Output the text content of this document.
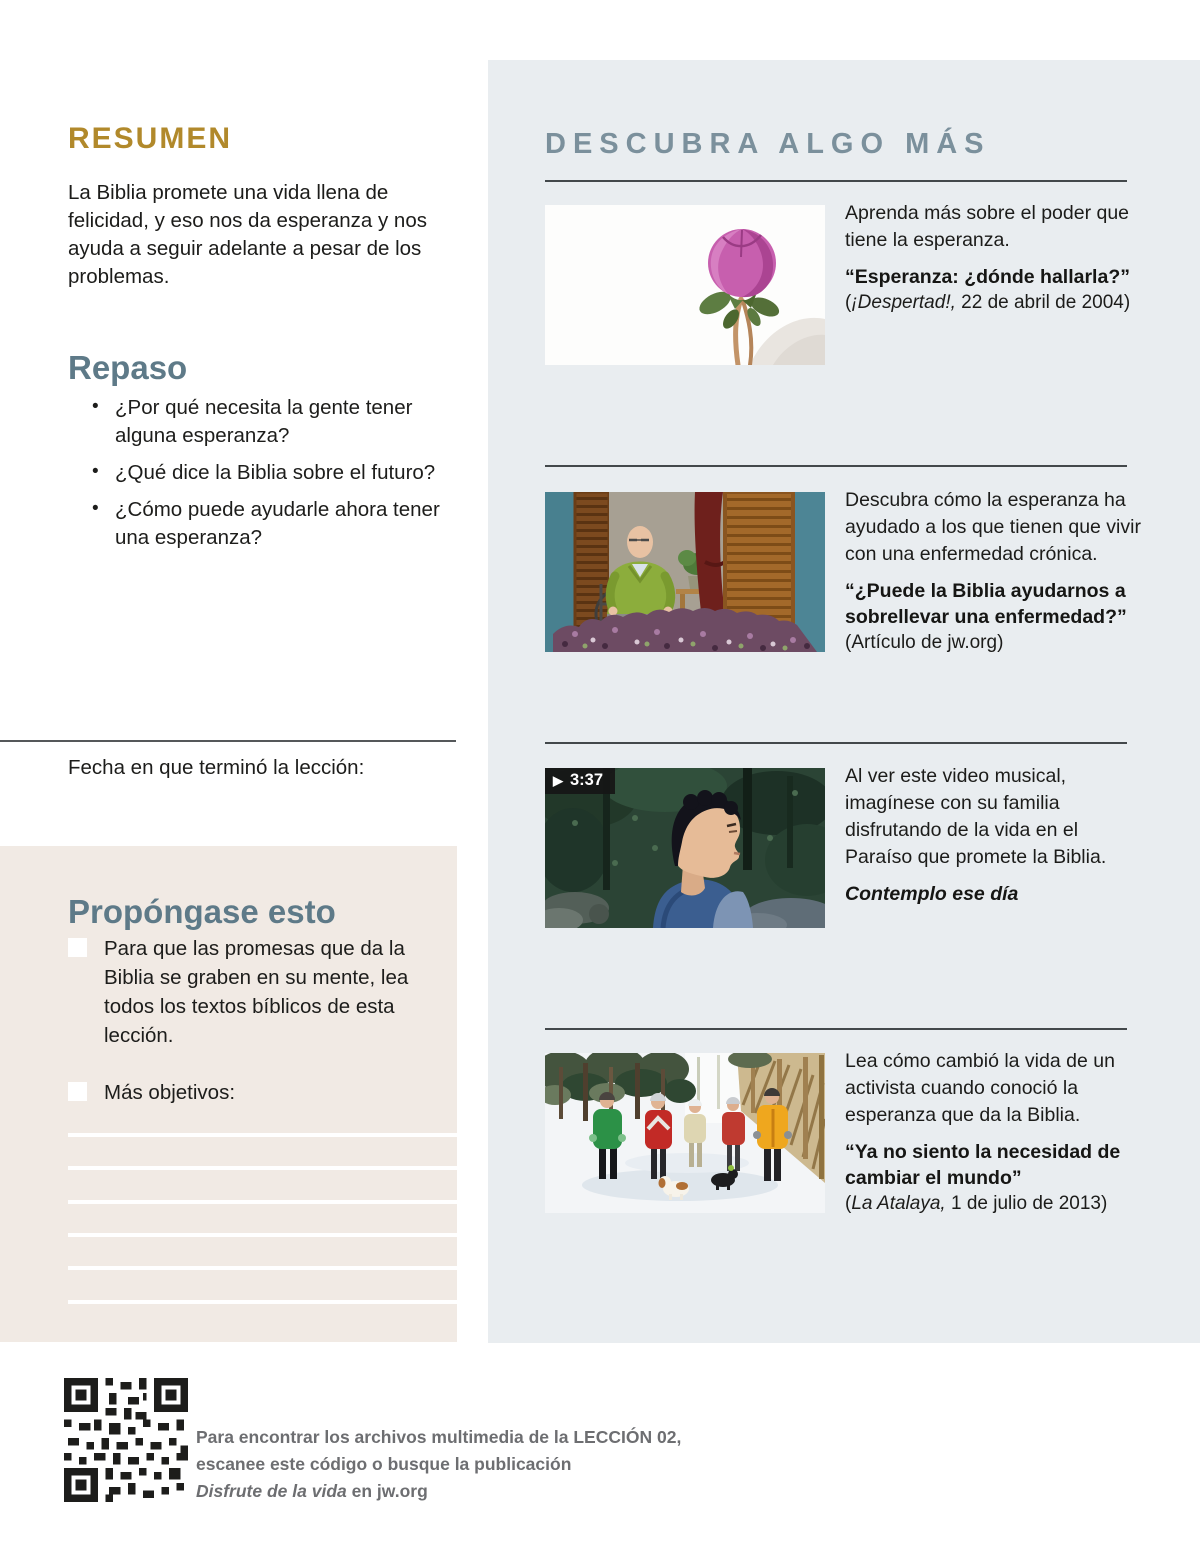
RESUMEN

La Biblia promete una vida llena de felicidad, y eso nos da esperanza y nos ayuda a seguir adelante a pesar de los problemas.

Repaso
• ¿Por qué necesita la gente tener alguna esperanza?
• ¿Qué dice la Biblia sobre el futuro?
• ¿Cómo puede ayudarle ahora tener una esperanza?
Fecha en que terminó la lección:
Propóngase esto
Para que las promesas que da la Biblia se graben en su mente, lea todos los textos bíblicos de esta lección.
Más objetivos:
DESCUBRA ALGO MÁS
Aprenda más sobre el poder que tiene la esperanza.
“Esperanza: ¿dónde hallarla?”
(¡Despertad!, 22 de abril de 2004)
Descubra cómo la esperanza ha ayudado a los que tienen que vivir con una enfermedad crónica.
“¿Puede la Biblia ayudarnos a sobrellevar una enfermedad?”
(Artículo de jw.org)
▶ 3:37	Al ver este video musical, imagínese con su familia disfrutando de la vida en el Paraíso que promete la Biblia.
Contemplo ese día
Lea cómo cambió la vida de un activista cuando conoció la esperanza que da la Biblia.
“Ya no siento la necesidad de cambiar el mundo”
(La Atalaya, 1 de julio de 2013)
Para encontrar los archivos multimedia de la LECCIÓN 02,
escanee este código o busque la publicación
Disfrute de la vida en jw.org
